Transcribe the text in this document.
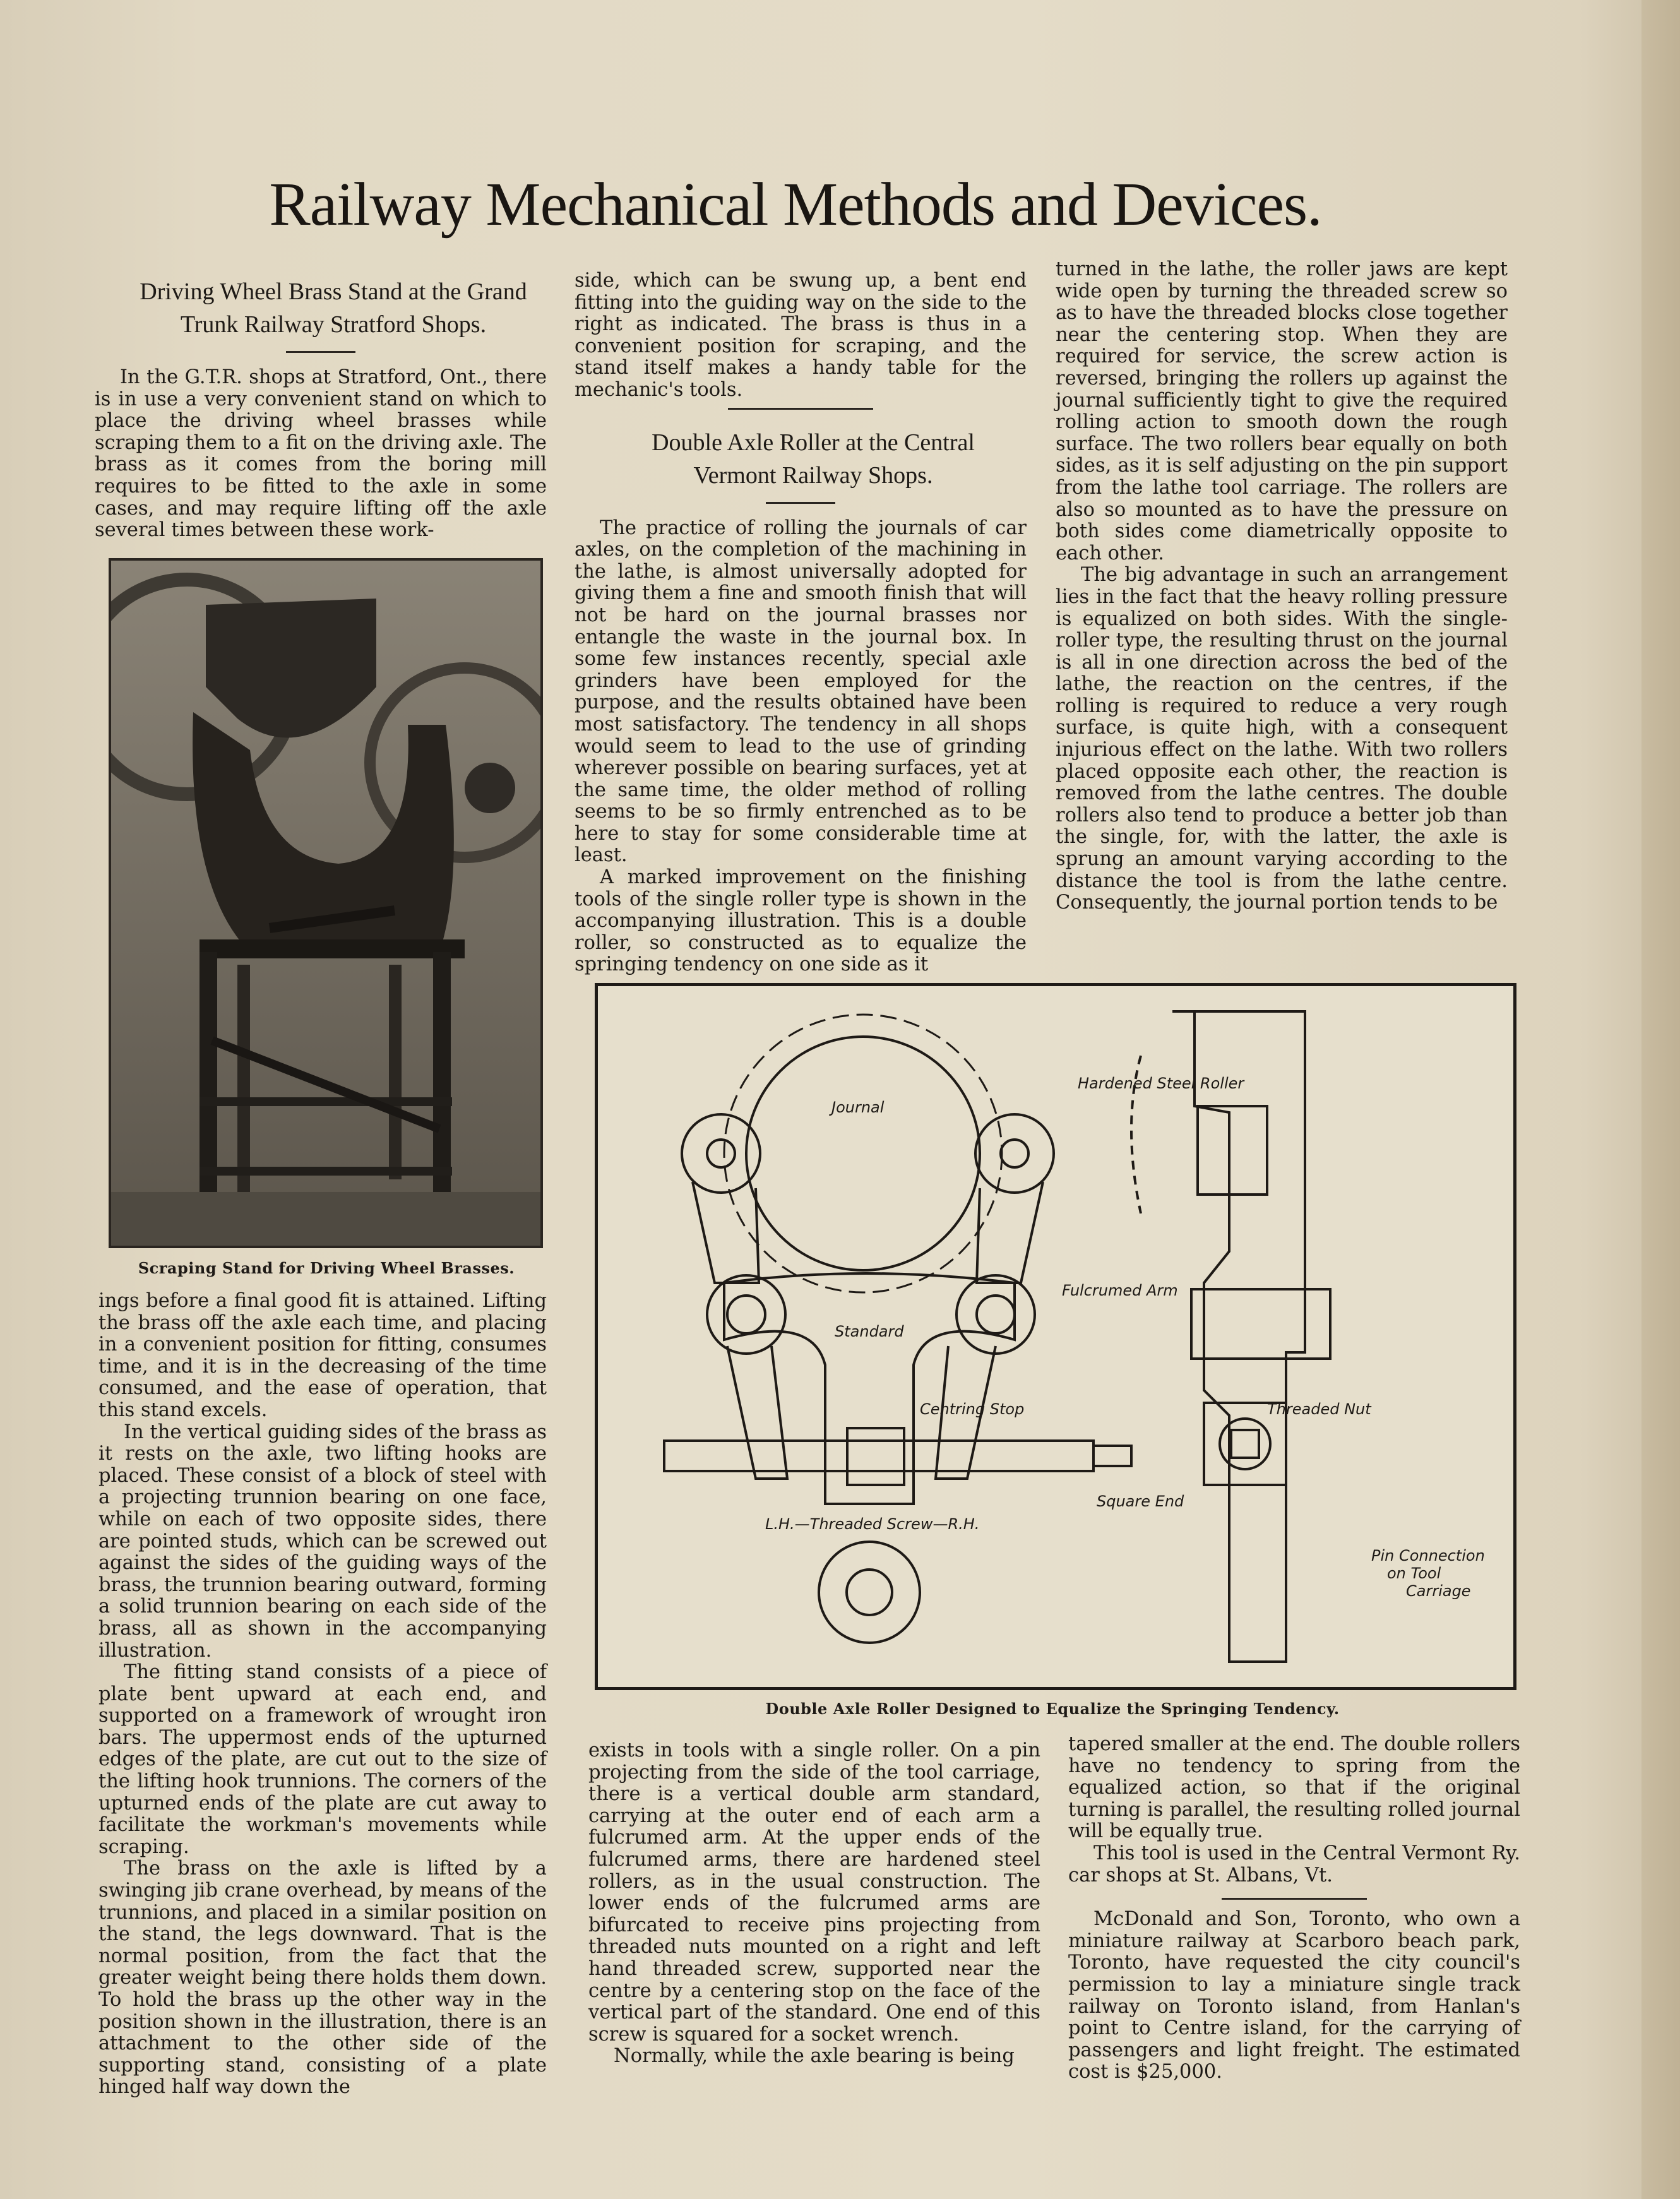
Railway Mechanical Methods and Devices.

Driving Wheel Brass Stand at the Grand

Trunk Railway Stratford Shops.

In the G.T.R. shops at Stratford, Ont., there is in use a very convenient stand on which to place the driving wheel brasses while scraping them to a fit on the driving axle. The brass as it comes from the boring mill requires to be fitted to the axle in some cases, and may require lifting off the axle several times between these work-

Scraping Stand for Driving Wheel Brasses.

ings before a final good fit is attained. Lifting the brass off the axle each time, and placing in a convenient position for fitting, consumes time, and it is in the decreasing of the time consumed, and the ease of operation, that this stand excels.

In the vertical guiding sides of the brass as it rests on the axle, two lifting hooks are placed. These consist of a block of steel with a projecting trunnion bearing on one face, while on each of two opposite sides, there are pointed studs, which can be screwed out against the sides of the guiding ways of the brass, the trunnion bearing outward, forming a solid trunnion bearing on each side of the brass, all as shown in the accompanying illustration.

The fitting stand consists of a piece of plate bent upward at each end, and supported on a framework of wrought iron bars. The uppermost ends of the upturned edges of the plate, are cut out to the size of the lifting hook trunnions. The corners of the upturned ends of the plate are cut away to facilitate the workman's movements while scraping.

The brass on the axle is lifted by a swinging jib crane overhead, by means of the trunnions, and placed in a similar position on the stand, the legs downward. That is the normal position, from the fact that the greater weight being there holds them down. To hold the brass up the other way in the position shown in the illustration, there is an attachment to the other side of the supporting stand, consisting of a plate hinged half way down the

side, which can be swung up, a bent end fitting into the guiding way on the side to the right as indicated. The brass is thus in a convenient position for scraping, and the stand itself makes a handy table for the mechanic's tools.

Double Axle Roller at the Central

Vermont Railway Shops.

The practice of rolling the journals of car axles, on the completion of the machining in the lathe, is almost universally adopted for giving them a fine and smooth finish that will not be hard on the journal brasses nor entangle the waste in the journal box. In some few instances recently, special axle grinders have been employed for the purpose, and the results obtained have been most satisfactory. The tendency in all shops would seem to lead to the use of grinding wherever possible on bearing surfaces, yet at the same time, the older method of rolling seems to be so firmly entrenched as to be here to stay for some considerable time at least.

A marked improvement on the finishing tools of the single roller type is shown in the accompanying illustration. This is a double roller, so constructed as to equalize the springing tendency on one side as it

turned in the lathe, the roller jaws are kept wide open by turning the threaded screw so as to have the threaded blocks close together near the centering stop. When they are required for service, the screw action is reversed, bringing the rollers up against the journal sufficiently tight to give the required rolling action to smooth down the rough surface. The two rollers bear equally on both sides, as it is self adjusting on the pin support from the lathe tool carriage. The rollers are also so mounted as to have the pressure on both sides come diametrically opposite to each other.

The big advantage in such an arrangement lies in the fact that the heavy rolling pressure is equalized on both sides. With the single-roller type, the resulting thrust on the journal is all in one direction across the bed of the lathe, the reaction on the centres, if the rolling is required to reduce a very rough surface, is quite high, with a consequent injurious effect on the lathe. With two rollers placed opposite each other, the reaction is removed from the lathe centres. The double rollers also tend to produce a better job than the single, for, with the latter, the axle is sprung an amount varying according to the distance the tool is from the lathe centre. Consequently, the journal portion tends to be

Journal
Hardened Steel Roller
Fulcrumed Arm
Standard
Centring Stop	Threaded Nut
Square End
L.H.—Threaded Screw—R.H.
Pin Connection
on Tool
Carriage
Double Axle Roller Designed to Equalize the Springing Tendency.

exists in tools with a single roller. On a pin projecting from the side of the tool carriage, there is a vertical double arm standard, carrying at the outer end of each arm a fulcrumed arm. At the upper ends of the fulcrumed arms, there are hardened steel rollers, as in the usual construction. The lower ends of the fulcrumed arms are bifurcated to receive pins projecting from threaded nuts mounted on a right and left hand threaded screw, supported near the centre by a centering stop on the face of the vertical part of the standard. One end of this screw is squared for a socket wrench.

Normally, while the axle bearing is being

tapered smaller at the end. The double rollers have no tendency to spring from the equalized action, so that if the original turning is parallel, the resulting rolled journal will be equally true.

This tool is used in the Central Vermont Ry. car shops at St. Albans, Vt.

McDonald and Son, Toronto, who own a miniature railway at Scarboro beach park, Toronto, have requested the city council's permission to lay a miniature single track railway on Toronto island, from Hanlan's point to Centre island, for the carrying of passengers and light freight. The estimated cost is $25,000.
